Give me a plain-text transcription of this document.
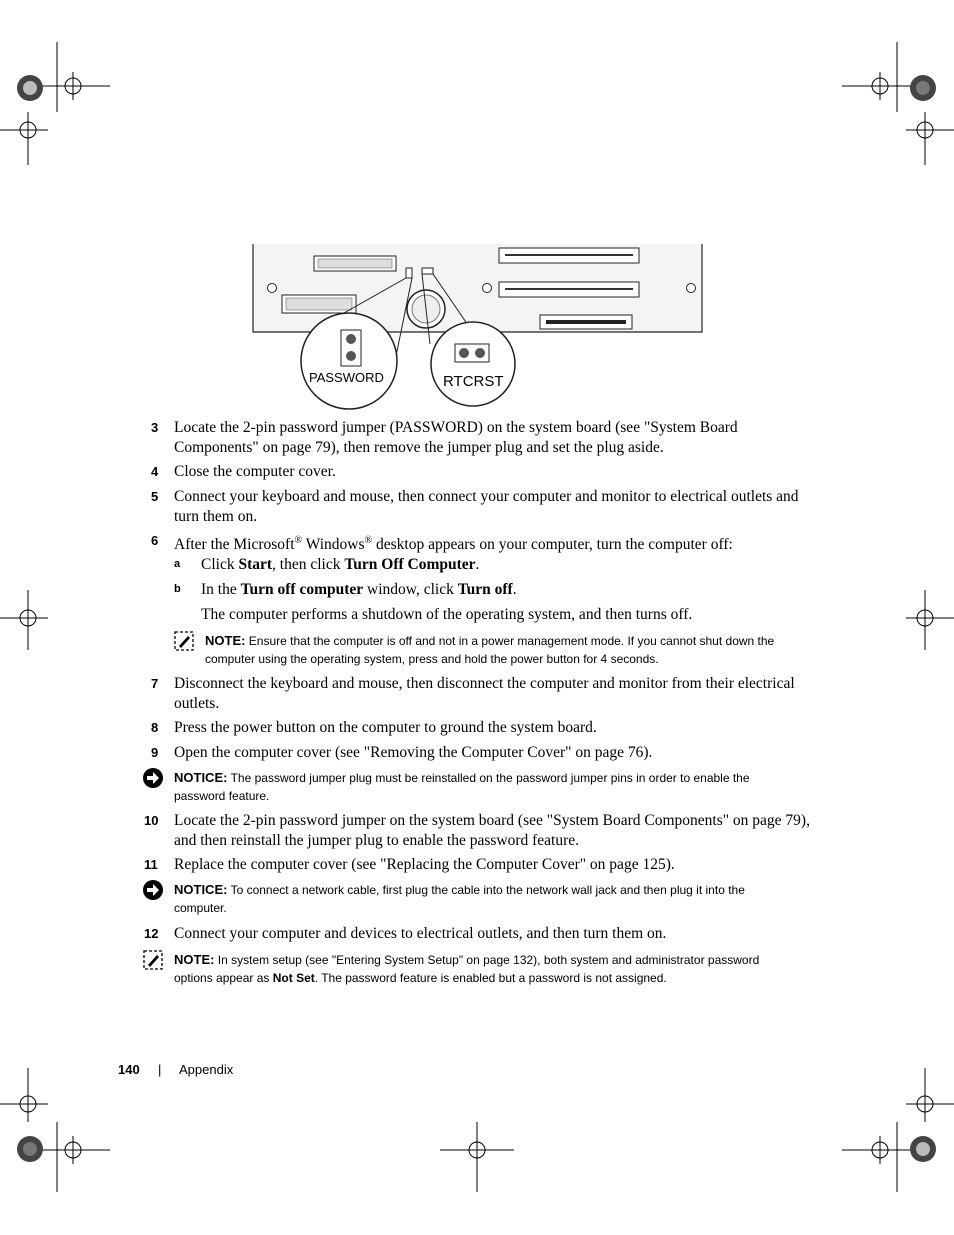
PASSWORD	RTCRST
3 Locate the 2-pin password jumper (PASSWORD) on the system board (see "System Board
Components" on page 79), then remove the jumper plug and set the plug aside.
4 Close the computer cover.
5 Connect your keyboard and mouse, then connect your computer and monitor to electrical outlets and
turn them on.
6 After the Microsoft® Windows® desktop appears on your computer, turn the computer off:
a Click Start, then click Turn Off Computer.
b In the Turn off computer window, click Turn off.
The computer performs a shutdown of the operating system, and then turns off.
NOTE: Ensure that the computer is off and not in a power management mode. If you cannot shut down the
computer using the operating system, press and hold the power button for 4 seconds.
7 Disconnect the keyboard and mouse, then disconnect the computer and monitor from their electrical
outlets.
8 Press the power button on the computer to ground the system board.
9 Open the computer cover (see "Removing the Computer Cover" on page 76).
NOTICE: The password jumper plug must be reinstalled on the password jumper pins in order to enable the
password feature.
10 Locate the 2-pin password jumper on the system board (see "System Board Components" on page 79),
and then reinstall the jumper plug to enable the password feature.
11 Replace the computer cover (see "Replacing the Computer Cover" on page 125).
NOTICE: To connect a network cable, first plug the cable into the network wall jack and then plug it into the
computer.
12 Connect your computer and devices to electrical outlets, and then turn them on.
NOTE: In system setup (see "Entering System Setup" on page 132), both system and administrator password
options appear as Not Set. The password feature is enabled but a password is not assigned.
140 | Appendix
